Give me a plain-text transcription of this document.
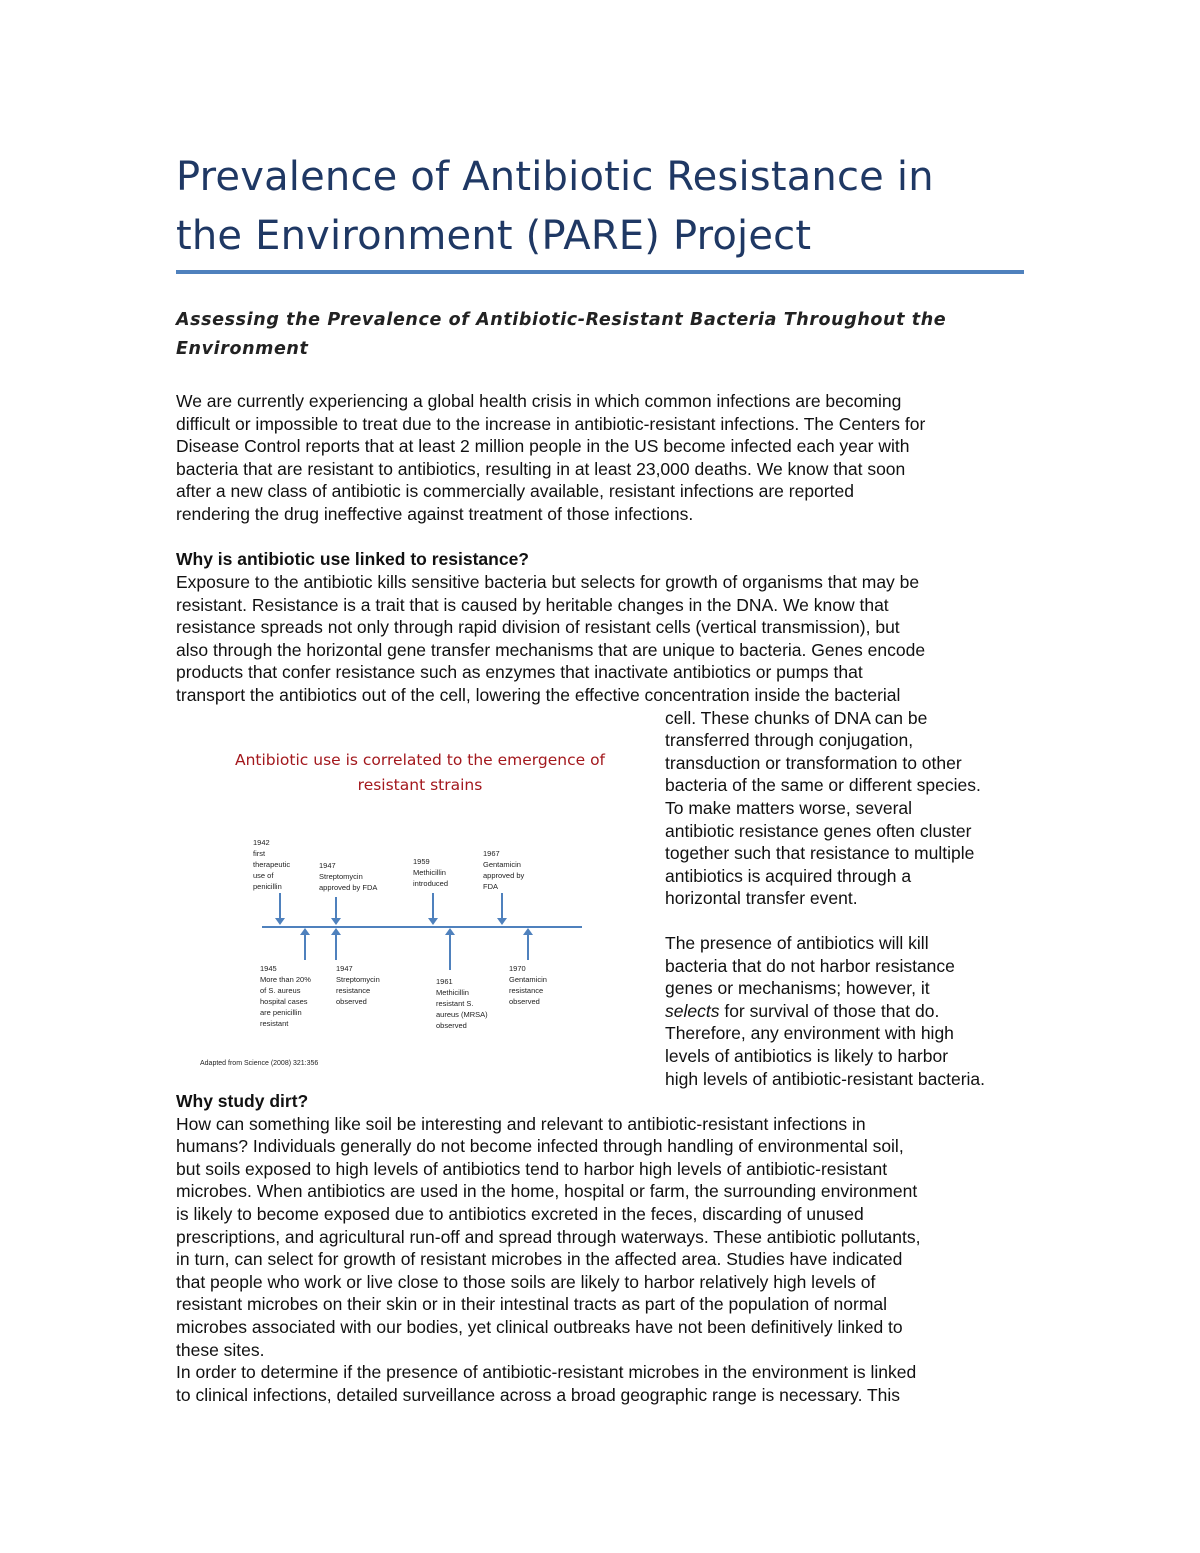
Prevalence of Antibiotic Resistance in
the Environment (PARE) Project
Assessing the Prevalence of Antibiotic-Resistant Bacteria Throughout the Environment
We are currently experiencing a global health crisis in which common infections are becoming
difficult or impossible to treat due to the increase in antibiotic-resistant infections. The Centers for
Disease Control reports that at least 2 million people in the US become infected each year with
bacteria that are resistant to antibiotics, resulting in at least 23,000 deaths. We know that soon
after a new class of antibiotic is commercially available, resistant infections are reported
rendering the drug ineffective against treatment of those infections.
Why is antibiotic use linked to resistance?
Exposure to the antibiotic kills sensitive bacteria but selects for growth of organisms that may be
resistant. Resistance is a trait that is caused by heritable changes in the DNA. We know that
resistance spreads not only through rapid division of resistant cells (vertical transmission), but
also through the horizontal gene transfer mechanisms that are unique to bacteria. Genes encode
products that confer resistance such as enzymes that inactivate antibiotics or pumps that
transport the antibiotics out of the cell, lowering the effective concentration inside the bacterial
cell. These chunks of DNA can be
transferred through conjugation,
transduction or transformation to other
bacteria of the same or different species.
To make matters worse, several
antibiotic resistance genes often cluster
together such that resistance to multiple
antibiotics is acquired through a
horizontal transfer event.
The presence of antibiotics will kill
bacteria that do not harbor resistance
genes or mechanisms; however, it
selects for survival of those that do.
Therefore, any environment with high
levels of antibiotics is likely to harbor
high levels of antibiotic-resistant bacteria.
Antibiotic use is correlated to the emergence of
resistant strains
1942
first
therapeutic
use of
penicillin
1947
Streptomycin
approved by FDA
1959
Methicillin
introduced
1967
Gentamicin
approved by
FDA
1945
More than 20%
of S. aureus
hospital cases
are penicillin
resistant
1947
Streptomycin
resistance
observed
1961
Methicillin
resistant S.
aureus (MRSA)
observed
1970
Gentamicin
resistance
observed
Adapted from Science (2008) 321:356
Why study dirt?
How can something like soil be interesting and relevant to antibiotic-resistant infections in
humans? Individuals generally do not become infected through handling of environmental soil,
but soils exposed to high levels of antibiotics tend to harbor high levels of antibiotic-resistant
microbes. When antibiotics are used in the home, hospital or farm, the surrounding environment
is likely to become exposed due to antibiotics excreted in the feces, discarding of unused
prescriptions, and agricultural run-off and spread through waterways. These antibiotic pollutants,
in turn, can select for growth of resistant microbes in the affected area. Studies have indicated
that people who work or live close to those soils are likely to harbor relatively high levels of
resistant microbes on their skin or in their intestinal tracts as part of the population of normal
microbes associated with our bodies, yet clinical outbreaks have not been definitively linked to
these sites.
In order to determine if the presence of antibiotic-resistant microbes in the environment is linked
to clinical infections, detailed surveillance across a broad geographic range is necessary. This
